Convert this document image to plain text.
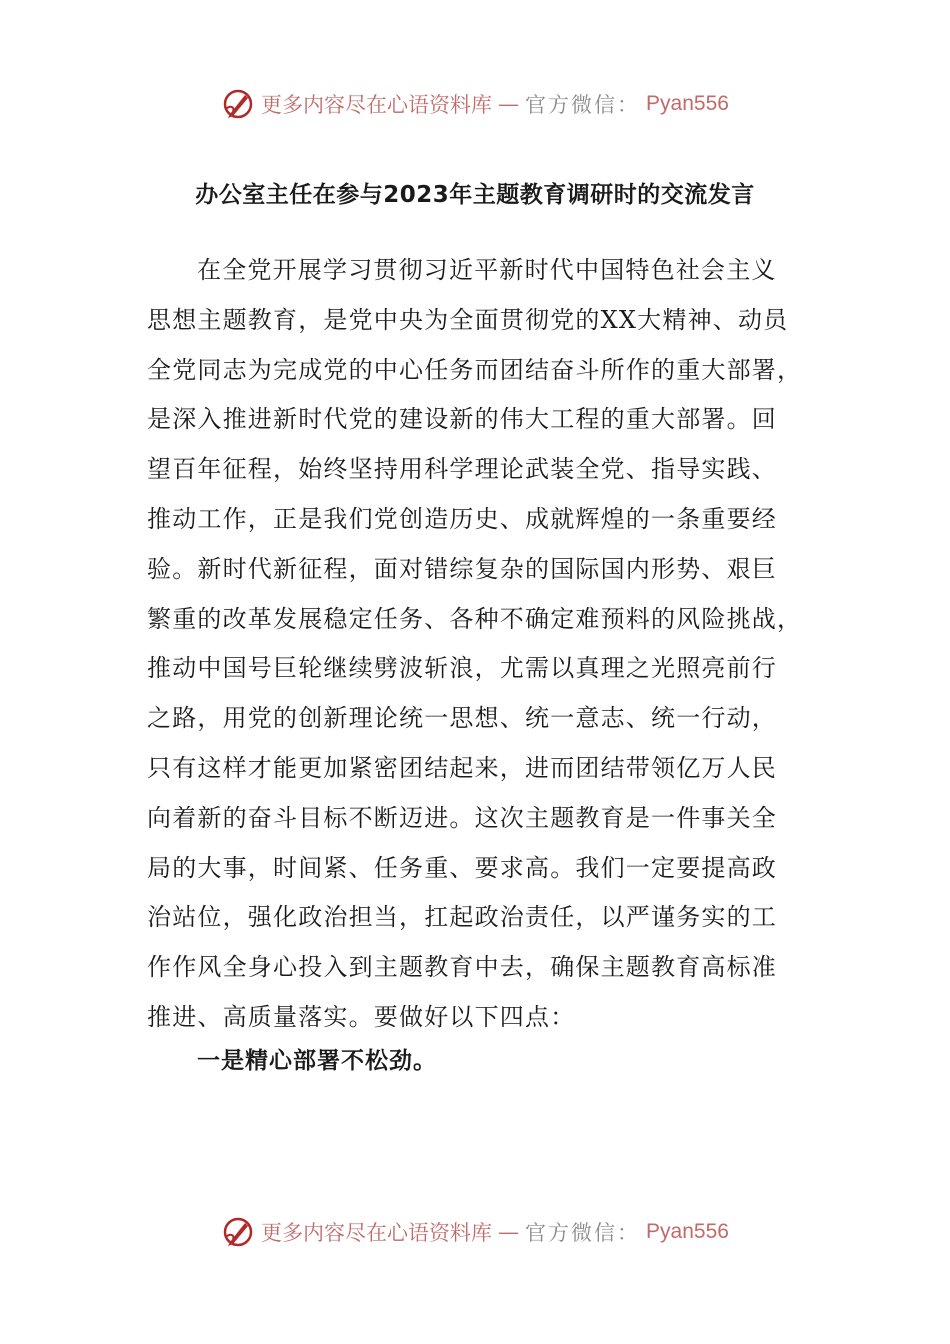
更多内容尽在心语资料库 — 官方微信： Pyan556
办公室主任在参与2023年主题教育调研时的交流发言
在全党开展学习贯彻习近平新时代中国特色社会主义
思想主题教育，是党中央为全面贯彻党的XX大精神、动员
全党同志为完成党的中心任务而团结奋斗所作的重大部署，
是深入推进新时代党的建设新的伟大工程的重大部署。回
望百年征程，始终坚持用科学理论武装全党、指导实践、
推动工作，正是我们党创造历史、成就辉煌的一条重要经
验。新时代新征程，面对错综复杂的国际国内形势、艰巨
繁重的改革发展稳定任务、各种不确定难预料的风险挑战，
推动中国号巨轮继续劈波斩浪，尤需以真理之光照亮前行
之路，用党的创新理论统一思想、统一意志、统一行动，
只有这样才能更加紧密团结起来，进而团结带领亿万人民
向着新的奋斗目标不断迈进。这次主题教育是一件事关全
局的大事，时间紧、任务重、要求高。我们一定要提高政
治站位，强化政治担当，扛起政治责任，以严谨务实的工
作作风全身心投入到主题教育中去，确保主题教育高标准
推进、高质量落实。要做好以下四点：
一是精心部署不松劲。
更多内容尽在心语资料库 — 官方微信： Pyan556
